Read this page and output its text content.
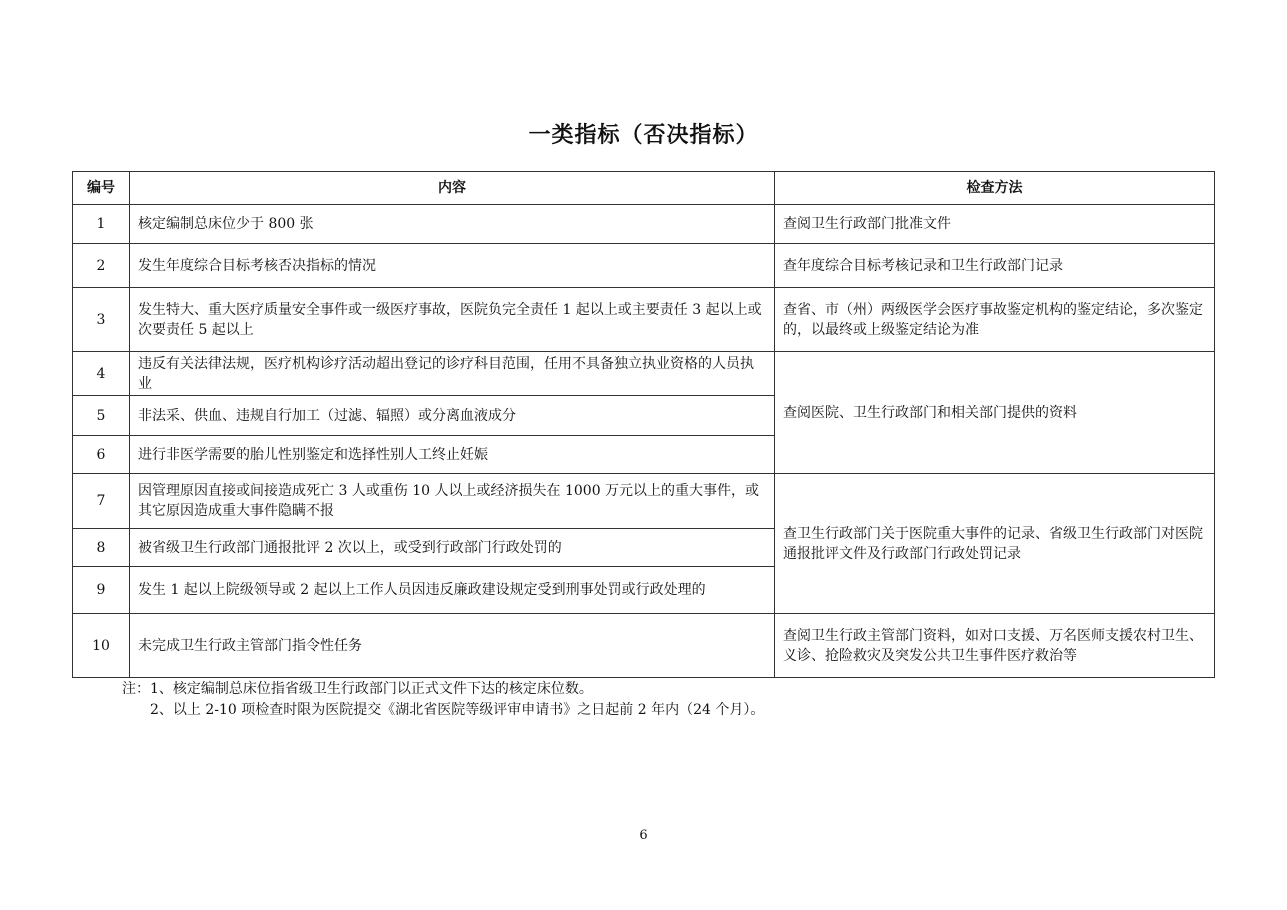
一类指标（否决指标）
编号	内容	检查方法
1	核定编制总床位少于 800 张	查阅卫生行政部门批准文件
2	发生年度综合目标考核否决指标的情况	查年度综合目标考核记录和卫生行政部门记录
3	发生特大、重大医疗质量安全事件或一级医疗事故，医院负完全责任 1 起以上或主要责任 3 起以上或次要责任 5 起以上	查省、市（州）两级医学会医疗事故鉴定机构的鉴定结论，多次鉴定的，以最终或上级鉴定结论为准
4	违反有关法律法规，医疗机构诊疗活动超出登记的诊疗科目范围，任用不具备独立执业资格的人员执业	查阅医院、卫生行政部门和相关部门提供的资料
5	非法采、供血、违规自行加工（过滤、辐照）或分离血液成分	
6	进行非医学需要的胎儿性别鉴定和选择性别人工终止妊娠	
7	因管理原因直接或间接造成死亡 3 人或重伤 10 人以上或经济损失在 1000 万元以上的重大事件，或其它原因造成重大事件隐瞒不报	查卫生行政部门关于医院重大事件的记录、省级卫生行政部门对医院通报批评文件及行政部门行政处罚记录
8	被省级卫生行政部门通报批评 2 次以上，或受到行政部门行政处罚的	
9	发生 1 起以上院级领导或 2 起以上工作人员因违反廉政建设规定受到刑事处罚或行政处理的	
10	未完成卫生行政主管部门指令性任务	查阅卫生行政主管部门资料，如对口支援、万名医师支援农村卫生、义诊、抢险救灾及突发公共卫生事件医疗救治等
注：1、核定编制总床位指省级卫生行政部门以正式文件下达的核定床位数。
2、以上 2-10 项检查时限为医院提交《湖北省医院等级评审申请书》之日起前 2 年内（24 个月）。
6
